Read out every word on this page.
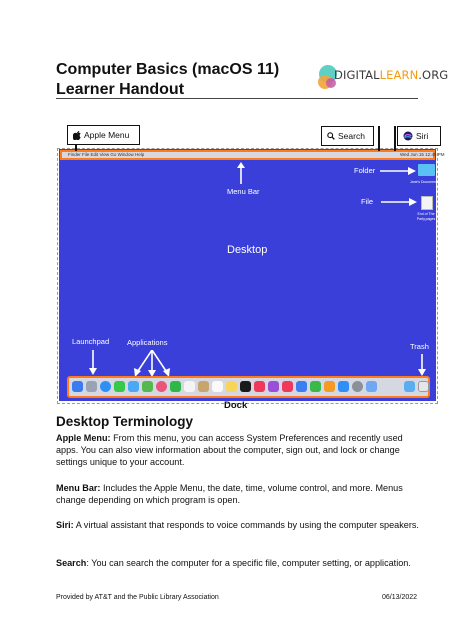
Computer Basics (macOS 11)
Learner Handout
DIGITALLEARN.ORG
Finder File Edit View Go Window Help	Wed Jun 15 12:45 PM
Apple Menu	Search	Siri
Menu Bar
Desktop
Folder
Jane's Documents
File
End of The Party.pages
Launchpad Applications	Trash
Dock
Desktop Terminology
Apple Menu: From this menu, you can access System Preferences and recently used apps. You can also view information about the computer, sign out, and lock or change settings unique to your account.
Menu Bar: Includes the Apple Menu, the date, time, volume control, and more. Menus change depending on which program is open.
Siri: A virtual assistant that responds to voice commands by using the computer speakers.
Search: You can search the computer for a specific file, computer setting, or application.
Provided by AT&T and the Public Library Association	06/13/2022
